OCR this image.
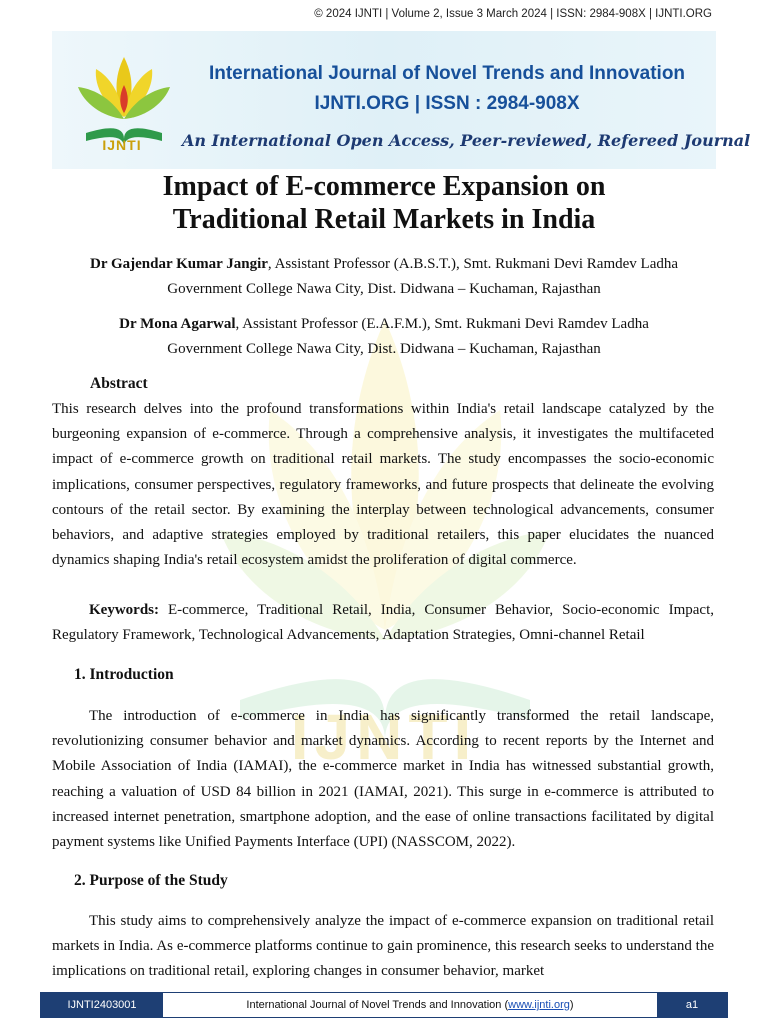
© 2024 IJNTI | Volume 2, Issue 3 March 2024 | ISSN: 2984-908X | IJNTI.ORG
IJNTI
International Journal of Novel Trends and Innovation
IJNTI.ORG | ISSN : 2984-908X
An International Open Access, Peer-reviewed, Refereed Journal
IJNTI
Impact of E-commerce Expansion on
Traditional Retail Markets in India
Dr Gajendar Kumar Jangir, Assistant Professor (A.B.S.T.), Smt. Rukmani Devi Ramdev Ladha
Government College Nawa City, Dist. Didwana – Kuchaman, Rajasthan
Dr Mona Agarwal, Assistant Professor (E.A.F.M.), Smt. Rukmani Devi Ramdev Ladha
Government College Nawa City, Dist. Didwana – Kuchaman, Rajasthan
Abstract
This research delves into the profound transformations within India's retail landscape catalyzed by the burgeoning expansion of e-commerce. Through a comprehensive analysis, it investigates the multifaceted impact of e-commerce growth on traditional retail markets. The study encompasses the socio-economic implications, consumer perspectives, regulatory frameworks, and future prospects that delineate the evolving contours of the retail sector. By examining the interplay between technological advancements, consumer behaviors, and adaptive strategies employed by traditional retailers, this paper elucidates the nuanced dynamics shaping India's retail ecosystem amidst the proliferation of digital commerce.
Keywords: E-commerce, Traditional Retail, India, Consumer Behavior, Socio-economic Impact, Regulatory Framework, Technological Advancements, Adaptation Strategies, Omni-channel Retail
1. Introduction
The introduction of e-commerce in India has significantly transformed the retail landscape, revolutionizing consumer behavior and market dynamics. According to recent reports by the Internet and Mobile Association of India (IAMAI), the e-commerce market in India has witnessed substantial growth, reaching a valuation of USD 84 billion in 2021 (IAMAI, 2021). This surge in e-commerce is attributed to increased internet penetration, smartphone adoption, and the ease of online transactions facilitated by digital payment systems like Unified Payments Interface (UPI) (NASSCOM, 2022).
2. Purpose of the Study
This study aims to comprehensively analyze the impact of e-commerce expansion on traditional retail markets in India. As e-commerce platforms continue to gain prominence, this research seeks to understand the implications on traditional retail, exploring changes in consumer behavior, market
IJNTI2403001	International Journal of Novel Trends and Innovation (www.ijnti.org)	a1
